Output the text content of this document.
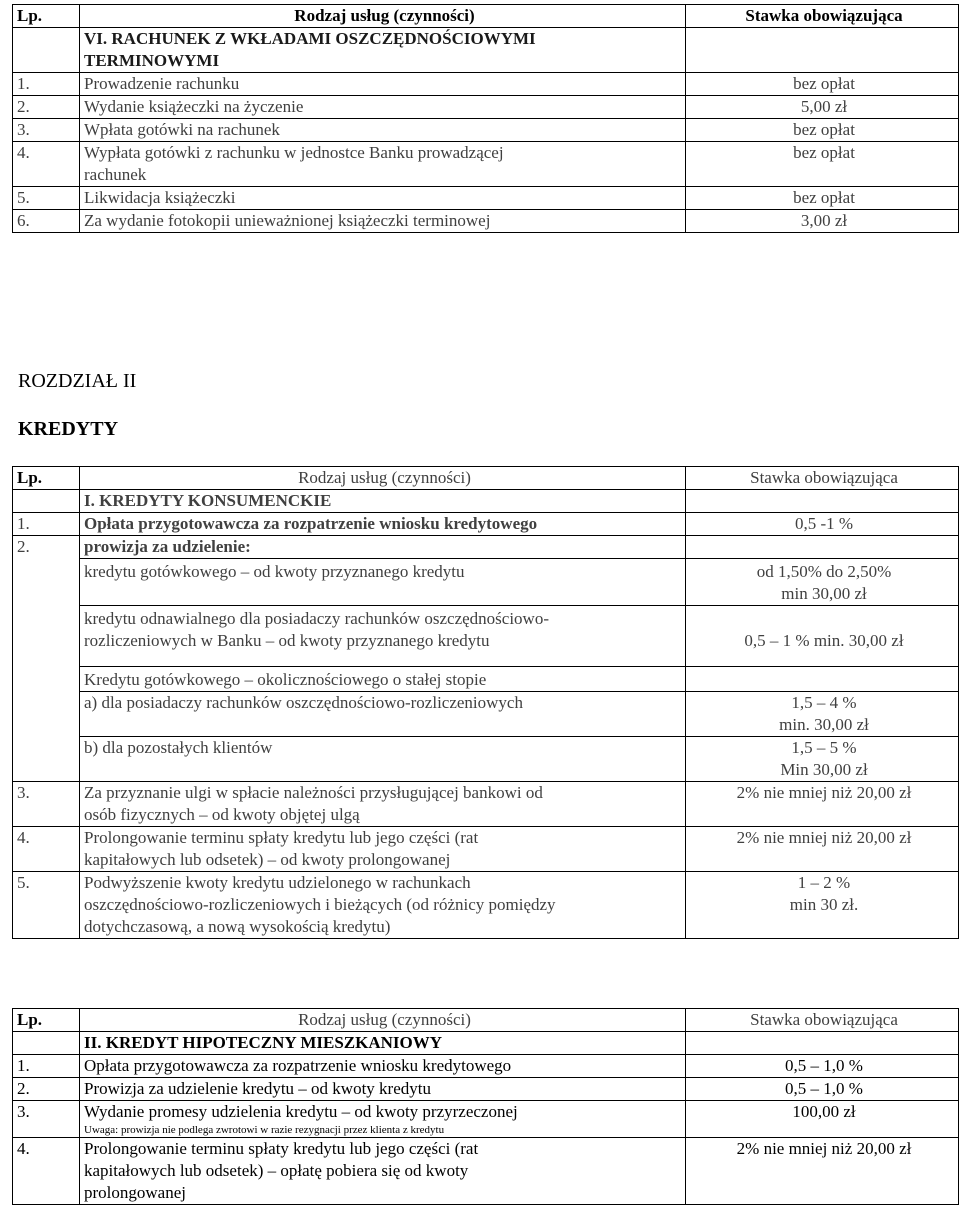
Lp.	Rodzaj usług (czynności)	Stawka obowiązująca

	VI. RACHUNEK Z WKŁADAMI OSZCZĘDNOŚCIOWYMI
TERMINOWYMI	

1.	Prowadzenie rachunku	bez opłat
2.	Wydanie książeczki na życzenie	5,00 zł
3.	Wpłata gotówki na rachunek	bez opłat
4.	Wypłata gotówki z rachunku w jednostce Banku prowadzącej
rachunek	bez opłat
5.	Likwidacja książeczki	bez opłat
6.	Za wydanie fotokopii unieważnionej książeczki terminowej	3,00 zł
ROZDZIAŁ II
KREDYTY
Lp.	Rodzaj usług (czynności)	Stawka obowiązująca
	I. KREDYTY KONSUMENCKIE	
1.	Opłata przygotowawcza za rozpatrzenie wniosku kredytowego	0,5 -1 %
2.	prowizja za udzielenie:	

	kredytu gotówkowego – od kwoty przyznanego kredytu	od 1,50% do 2,50%
min 30,00 zł

	kredytu odnawialnego dla posiadaczy rachunków oszczędnościowo-
rozliczeniowych w Banku – od kwoty przyznanego kredytu	0,5 – 1 % min. 30,00 zł

	Kredytu gotówkowego – okolicznościowego o stałej stopie	
	a) dla posiadaczy rachunków oszczędnościowo-rozliczeniowych	1,5 – 4 %
min. 30,00 zł

	b) dla pozostałych klientów	1,5 – 5 %
Min 30,00 zł

3.	Za przyznanie ulgi w spłacie należności przysługującej bankowi od
osób fizycznych – od kwoty objętej ulgą	2% nie mniej niż 20,00 zł
4.	Prolongowanie terminu spłaty kredytu lub jego części (rat
kapitałowych lub odsetek) – od kwoty prolongowanej	2% nie mniej niż 20,00 zł
5.	Podwyższenie kwoty kredytu udzielonego w rachunkach
oszczędnościowo-rozliczeniowych i bieżących (od różnicy pomiędzy
dotychczasową, a nową wysokością kredytu)	1 – 2 %
min 30 zł.
Lp.	Rodzaj usług (czynności)	Stawka obowiązująca
	II. KREDYT HIPOTECZNY MIESZKANIOWY	
1.	Opłata przygotowawcza za rozpatrzenie wniosku kredytowego	0,5 – 1,0 %
2.	Prowizja za udzielenie kredytu – od kwoty kredytu	0,5 – 1,0 %
3.	Wydanie promesy udzielenia kredytu – od kwoty przyrzeczonej
Uwaga: prowizja nie podlega zwrotowi w razie rezygnacji przez klienta z kredytu	100,00 zł
4.	Prolongowanie terminu spłaty kredytu lub jego części (rat
kapitałowych lub odsetek) – opłatę pobiera się od kwoty
prolongowanej	2% nie mniej niż 20,00 zł
